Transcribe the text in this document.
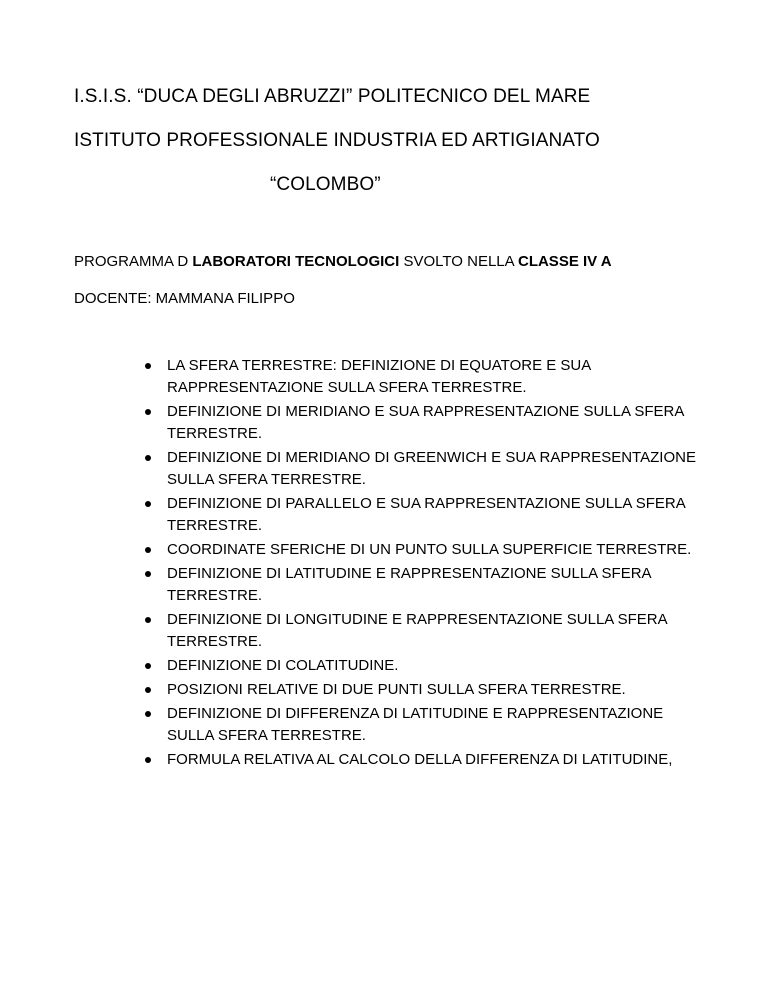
I.S.I.S. “DUCA DEGLI ABRUZZI” POLITECNICO DEL MARE
ISTITUTO PROFESSIONALE INDUSTRIA ED ARTIGIANATO
“COLOMBO”
PROGRAMMA D LABORATORI TECNOLOGICI SVOLTO NELLA CLASSE IV A
DOCENTE: MAMMANA FILIPPO
LA SFERA TERRESTRE: DEFINIZIONE DI EQUATORE E SUA RAPPRESENTAZIONE SULLA SFERA TERRESTRE.
DEFINIZIONE DI MERIDIANO E SUA RAPPRESENTAZIONE SULLA SFERA TERRESTRE.
DEFINIZIONE DI MERIDIANO DI GREENWICH E SUA RAPPRESENTAZIONE SULLA SFERA TERRESTRE.
DEFINIZIONE DI PARALLELO E SUA RAPPRESENTAZIONE SULLA SFERA TERRESTRE.
COORDINATE SFERICHE DI UN PUNTO SULLA SUPERFICIE TERRESTRE.
DEFINIZIONE DI LATITUDINE E RAPPRESENTAZIONE SULLA SFERA TERRESTRE.
DEFINIZIONE DI LONGITUDINE E RAPPRESENTAZIONE SULLA SFERA TERRESTRE.
DEFINIZIONE DI COLATITUDINE.
POSIZIONI RELATIVE DI DUE PUNTI SULLA SFERA TERRESTRE.
DEFINIZIONE DI DIFFERENZA DI LATITUDINE E RAPPRESENTAZIONE SULLA SFERA TERRESTRE.
FORMULA RELATIVA AL CALCOLO DELLA DIFFERENZA DI LATITUDINE,
